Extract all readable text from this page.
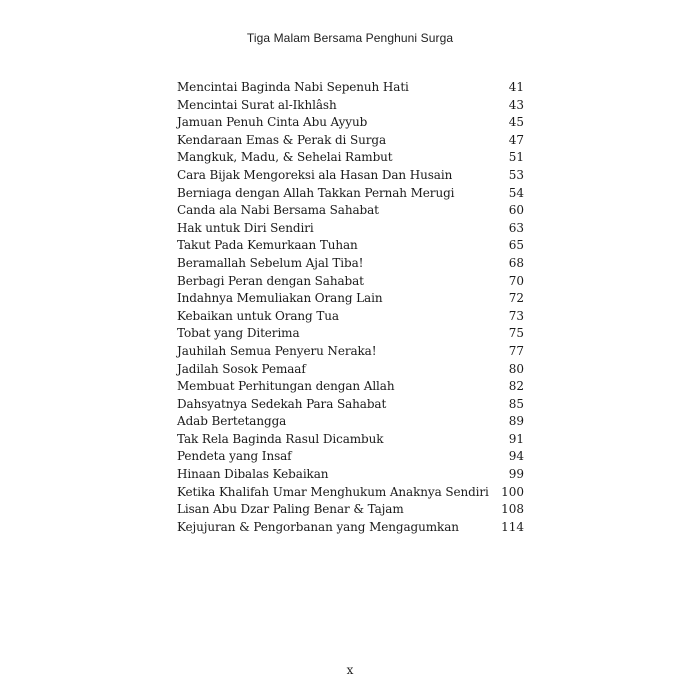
Tiga Malam Bersama Penghuni Surga
Mencintai Baginda Nabi Sepenuh Hati	41
Mencintai Surat al-Ikhlâsh	43
Jamuan Penuh Cinta Abu Ayyub	45
Kendaraan Emas & Perak di Surga	47
Mangkuk, Madu, & Sehelai Rambut	51
Cara Bijak Mengoreksi ala Hasan Dan Husain	53
Berniaga dengan Allah Takkan Pernah Merugi	54
Canda ala Nabi Bersama Sahabat	60
Hak untuk Diri Sendiri	63
Takut Pada Kemurkaan Tuhan	65
Beramallah Sebelum Ajal Tiba!	68
Berbagi Peran dengan Sahabat	70
Indahnya Memuliakan Orang Lain	72
Kebaikan untuk Orang Tua	73
Tobat yang Diterima	75
Jauhilah Semua Penyeru Neraka!	77
Jadilah Sosok Pemaaf	80
Membuat Perhitungan dengan Allah	82
Dahsyatnya Sedekah Para Sahabat	85
Adab Bertetangga	89
Tak Rela Baginda Rasul Dicambuk	91
Pendeta yang Insaf	94
Hinaan Dibalas Kebaikan	99
Ketika Khalifah Umar Menghukum Anaknya Sendiri	100
Lisan Abu Dzar Paling Benar & Tajam	108
Kejujuran & Pengorbanan yang Mengagumkan	114
x
